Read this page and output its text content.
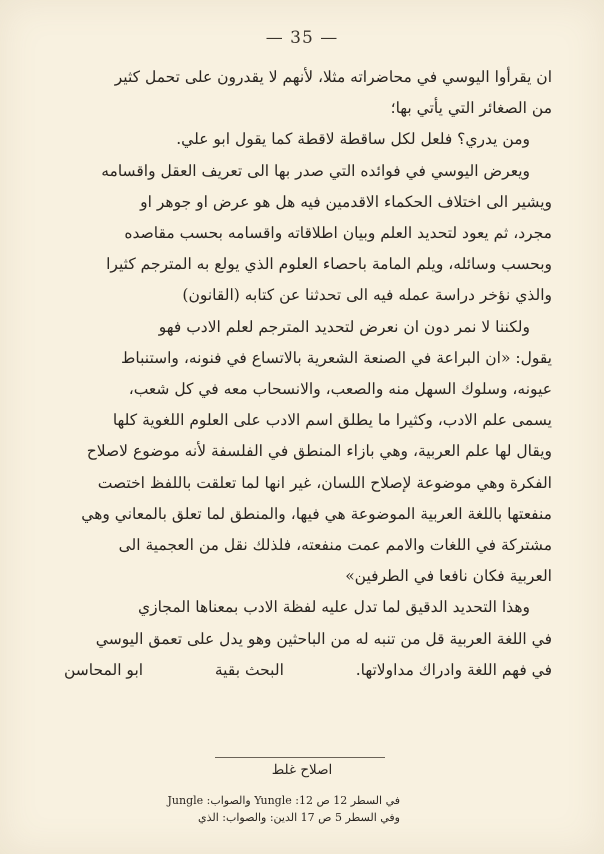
— 35 —

ان يقرأوا اليوسي في محاضراته مثلا، لأنهم لا يقدرون على تحمل كثير

من الصغائر التي يأتي بها؛

ومن يدري؟ فلعل لكل ساقطة لاقطة كما يقول ابو علي.

ويعرض اليوسي في فوائده التي صدر بها الى تعريف العقل واقسامه

ويشير الى اختلاف الحكماء الاقدمين فيه هل هو عرض او جوهر او

مجرد، ثم يعود لتحديد العلم وبيان اطلاقاته واقسامه بحسب مقاصده

وبحسب وسائله، ويلم المامة باحصاء العلوم الذي يولع به المترجم كثيرا

والذي نؤخر دراسة عمله فيه الى تحدثنا عن كتابه (القانون)

ولكننا لا نمر دون ان نعرض لتحديد المترجم لعلم الادب فهو

يقول: «ان البراعة في الصنعة الشعرية بالاتساع في فنونه، واستنباط

عيونه، وسلوك السهل منه والصعب، والانسحاب معه في كل شعب،

يسمى علم الادب، وكثيرا ما يطلق اسم الادب على العلوم اللغوية كلها

ويقال لها علم العربية، وهي بازاء المنطق في الفلسفة لأنه موضوع لاصلاح

الفكرة وهي موضوعة لإصلاح اللسان، غير انها لما تعلقت باللفظ اختصت

منفعتها باللغة العربية الموضوعة هي فيها، والمنطق لما تعلق بالمعاني وهي

مشتركة في اللغات والامم عمت منفعته، فلذلك نقل من العجمية الى

العربية فكان نافعا في الطرفين»

وهذا التحديد الدقيق لما تدل عليه لفظة الادب بمعناها المجازي

في اللغة العربية قل من تنبه له من الباحثين وهو يدل على تعمق اليوسي

في فهم اللغة وادراك مداولاتها.
البحث بقية
ابو المحاسن
اصلاح غلط
في السطر 12 ص 12: Yungle والصواب: Jungle
وفي السطر 5 ص 17 الدين: والصواب: الذي
